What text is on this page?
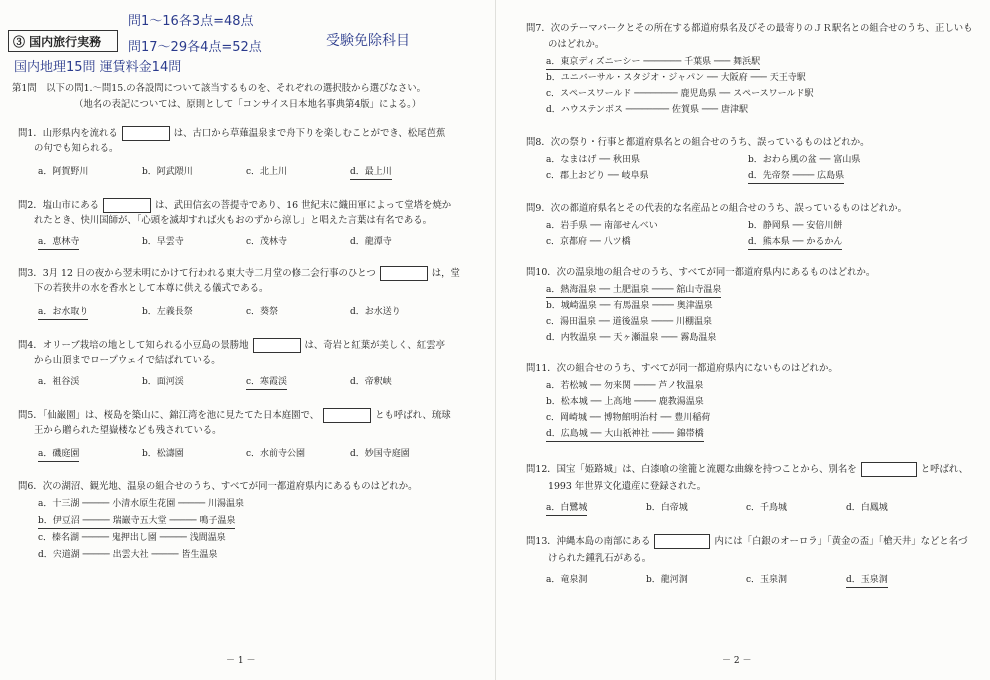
③ 国内旅行実務
問1〜16各3点=48点
問17〜29各4点=52点
国内地理15問 運賃料金14問
受験免除科目
第1問　以下の問1.〜問15.の各設問について該当するものを、それぞれの選択肢から選びなさい。
（地名の表記については、原則として「コンサイス日本地名事典第4版」による。）
問1．山形県内を流れる	は、古口から草薙温泉まで舟下りを楽しむことができ、松尾芭蕉
の句でも知られる。
a．阿賀野川	b．阿武隈川	c．北上川	d．最上川
問2．塩山市にある	は、武田信玄の菩提寺であり、16 世紀末に織田軍によって堂塔を焼か
れたとき、快川国師が、「心頭を滅却すれば火もおのずから涼し」と唱えた言葉は有名である。
a．恵林寺	b．早雲寺	c．茂林寺	d．龍潭寺
問3．3月 12 日の夜から翌未明にかけて行われる東大寺二月堂の修二会行事のひとつ	は，堂
下の若狭井の水を香水として本尊に供える儀式である。
a．お水取り	b．左義長祭	c．葵祭	d．お水送り
問4．オリーブ栽培の地として知られる小豆島の景勝地	は、奇岩と紅葉が美しく、紅雲亭
から山頂までロープウェイで結ばれている。
a．祖谷渓	b．面河渓	c．寒霞渓	d．帝釈峡
問5．「仙巌園」は、桜島を築山に、錦江湾を池に見たてた日本庭園で、	とも呼ばれ、琉球
王から贈られた望嶽楼なども残されている。
a．磯庭園	b．松濤園	c．水前寺公園	d．妙国寺庭園
問6．次の湖沼、観光地、温泉の組合せのうち、すべてが同一都道府県内にあるものはどれか。
a．十三湖 ───── 小清水原生花園 ───── 川湯温泉
b．伊豆沼 ───── 瑞巌寺五大堂 ───── 鳴子温泉
c．榛名湖 ───── 鬼押出し園 ───── 浅間温泉
d．宍道湖 ───── 出雲大社 ───── 皆生温泉
－ 1 －
問7．次のテーマパークとその所在する都道府県名及びその最寄りのＪＲ駅名との組合せのうち、正しいも
のはどれか。
a．東京ディズニーシー ─────── 千葉県 ─── 舞浜駅
b．ユニバーサル・スタジオ・ジャパン ── 大阪府 ─── 天王寺駅
c．スペースワールド ──────── 鹿児島県 ── スペースワールド駅
d．ハウステンボス ──────── 佐賀県 ─── 唐津駅
問8．次の祭り・行事と都道府県名との組合せのうち、誤っているものはどれか。
a．なまはげ ── 秋田県	b．おわら風の盆 ── 富山県
c．郡上おどり ── 岐阜県	d．先帝祭 ──── 広島県
問9．次の都道府県名とその代表的な名産品との組合せのうち、誤っているものはどれか。
a．岩手県 ── 南部せんべい	b．静岡県 ── 安倍川餅
c．京都府 ── 八ツ橋	d．熊本県 ── かるかん
問10．次の温泉地の組合せのうち、すべてが同一都道府県内にあるものはどれか。
a．熱海温泉 ── 土肥温泉 ──── 舘山寺温泉
b．城崎温泉 ── 有馬温泉 ──── 奥津温泉
c．湯田温泉 ── 道後温泉 ──── 川棚温泉
d．内牧温泉 ── 天ヶ瀬温泉 ─── 霧島温泉
問11．次の組合せのうち、すべてが同一都道府県内にないものはどれか。
a．若松城 ── 勿来関 ──── 芦ノ牧温泉
b．松本城 ── 上高地 ──── 鹿教湯温泉
c．岡崎城 ── 博物館明治村 ── 豊川稲荷
d．広島城 ── 大山祇神社 ──── 錦帯橋
問12．国宝「姫路城」は、白漆喰の塗籠と流麗な曲線を持つことから、別名を	と呼ばれ、
1993 年世界文化遺産に登録された。
a．白鷺城	b．白帝城	c．千鳥城	d．白鳳城
問13．沖縄本島の南部にある	内には「白銀のオーロラ」「黄金の盃」「槍天井」などと名づ
けられた鍾乳石がある。
a．竜泉洞	b．龍河洞	c．玉泉洞	d．玉泉洞
－ 2 －
